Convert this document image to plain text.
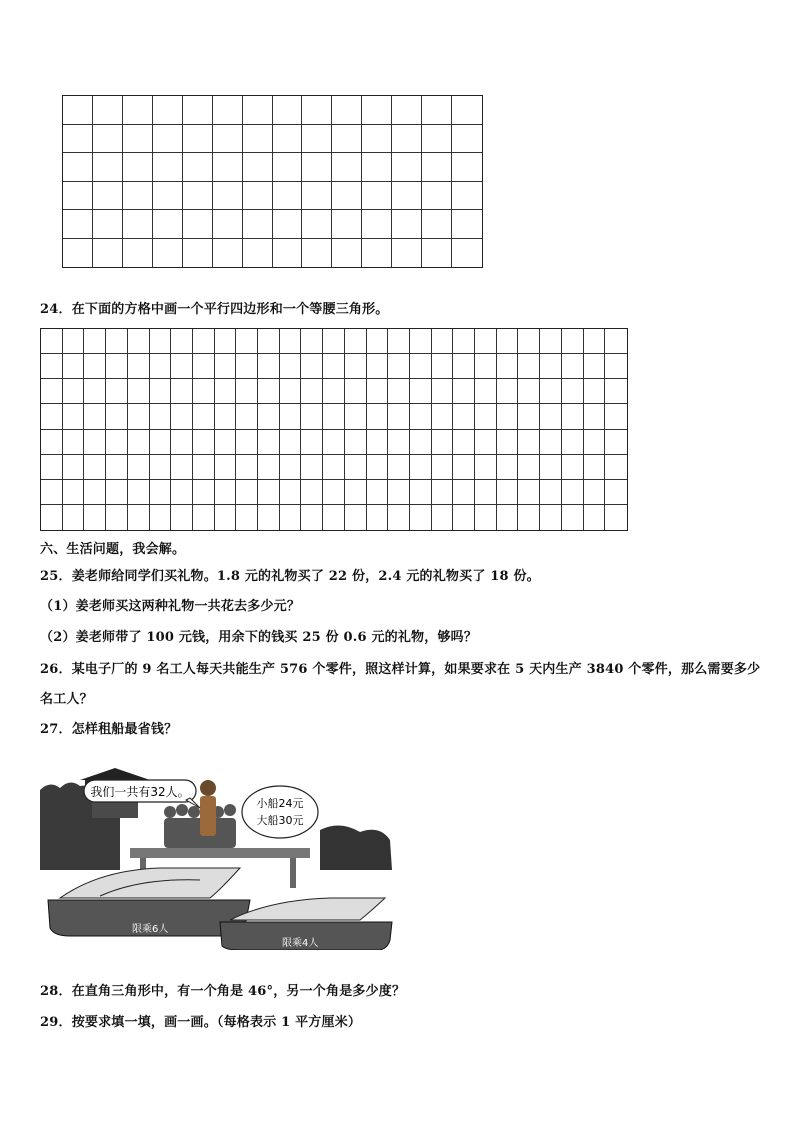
24．在下面的方格中画一个平行四边形和一个等腰三角形。
六、生活问题，我会解。
25．姜老师给同学们买礼物。1.8 元的礼物买了 22 份，2.4 元的礼物买了 18 份。
（1）姜老师买这两种礼物一共花去多少元？
（2）姜老师带了 100 元钱，用余下的钱买 25 份 0.6 元的礼物，够吗？
26．某电子厂的 9 名工人每天共能生产 576 个零件，照这样计算，如果要求在 5 天内生产 3840 个零件，那么需要多少
名工人？
27．怎样租船最省钱？
我们一共有32人。
小船24元
大船30元
限乘6人
限乘4人
28．在直角三角形中，有一个角是 46°，另一个角是多少度？
29．按要求填一填，画一画。（每格表示 1 平方厘米）
